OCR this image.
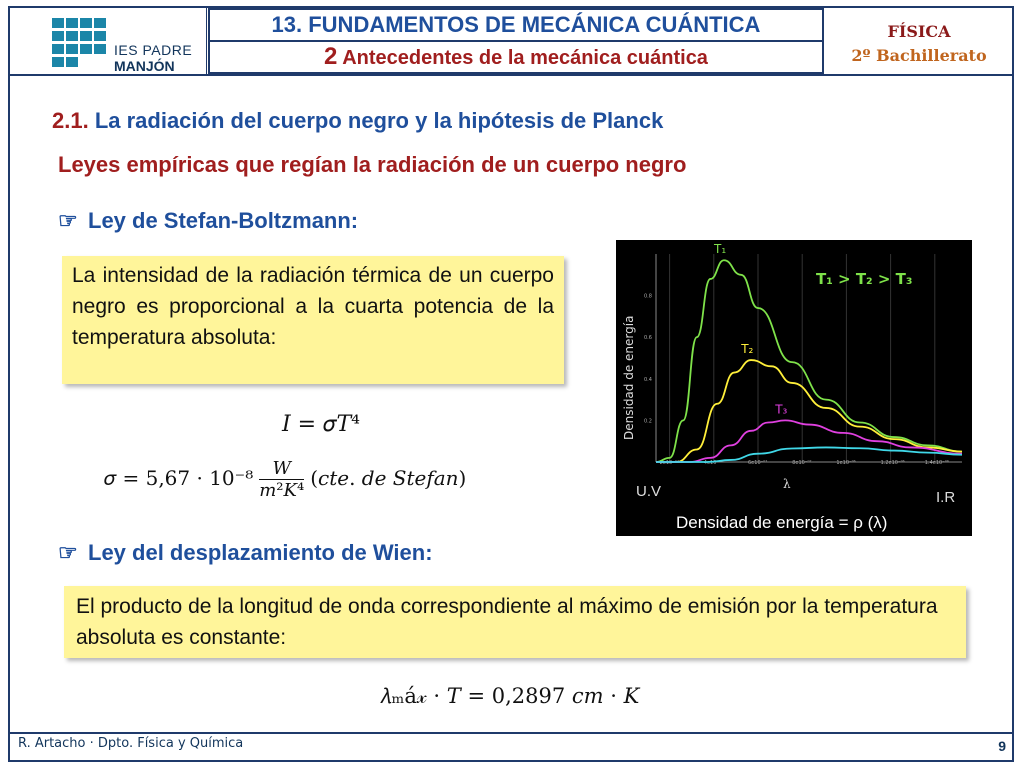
IES PADRE
MANJÓN
13. FUNDAMENTOS DE MECÁNICA CUÁNTICA
2 Antecedentes de la mecánica cuántica
FÍSICA
2º Bachillerato
2.1. La radiación del cuerpo negro y la hipótesis de Planck
Leyes empíricas que regían la radiación de un cuerpo negro
☞ Ley de Stefan-Boltzmann:
La intensidad de la radiación térmica de un cuerpo negro es proporcional a la cuarta potencia de la temperatura absoluta:
𝐼 = 𝜎𝑇⁴
𝜎 = $5,67 \cdot 10^{-8} \frac{\text{𝑊}}{\text{𝑚²𝐾⁴}}$ (𝑐𝑡𝑒. 𝑑𝑒 𝑆𝑡𝑒𝑓𝑎𝑛)
0.2
0.4
0.6
0.8
2e10⁻⁰⁷	4e10⁻⁰⁷	6e10⁻⁰⁷	8e10⁻⁰⁷	1e10⁻⁰⁶	1.2e10⁻⁰⁶	1.4e10⁻⁰⁶
Densidad de energía
T₁
T₂
T₃
T₁ > T₂ > T₃
λ
U.V	I.R
Densidad de energía = ρ (λ)
☞ Ley del desplazamiento de Wien:
El producto de la longitud de onda correspondiente al máximo de emisión por la temperatura absoluta es constante:
𝜆ₘá𝓍 · 𝑇 = 0,2897 𝑐𝑚 · 𝐾
R. Artacho · Dpto. Física y Química	9
